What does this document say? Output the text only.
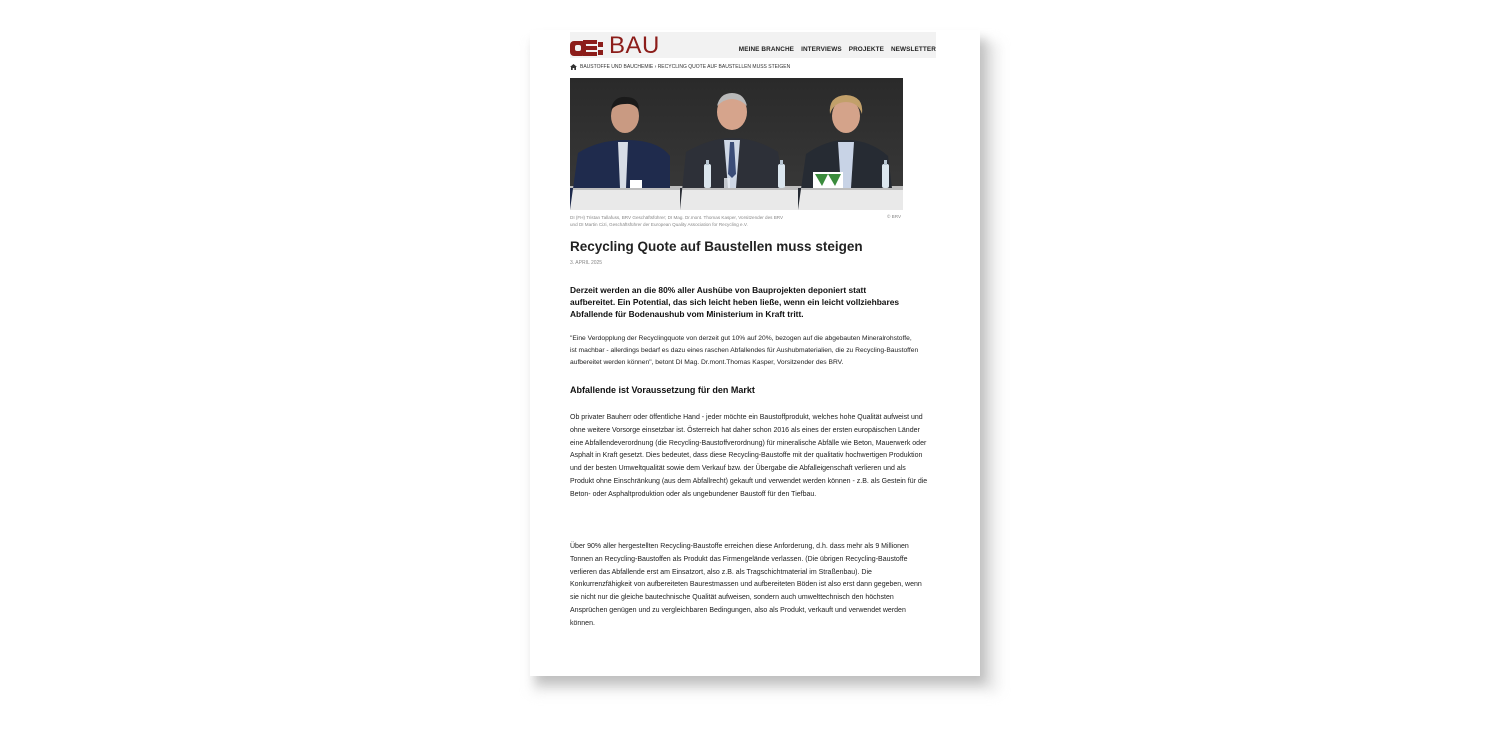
BAU	MEINE BRANCHE INTERVIEWS PROJEKTE NEWSLETTER
BAUSTOFFE UND BAUCHEMIE › RECYCLING QUOTE AUF BAUSTELLEN MUSS STEIGEN
DI (FH) Tristan Tallafuss, BRV Geschäftsführer; DI Mag. Dr.mont. Thomas Kasper, Vorsitzender des BRV
und DI Martin Cizi, Geschäftsführer der European Quality Association for Recycling e.V.
© BRV
Recycling Quote auf Baustellen muss steigen
3. APRIL 2025

Derzeit werden an die 80% aller Aushübe von Bauprojekten deponiert statt aufbereitet. Ein Potential, das sich leicht heben ließe, wenn ein leicht vollziehbares Abfallende für Bodenaushub vom Ministerium in Kraft tritt.

"Eine Verdopplung der Recyclingquote von derzeit gut 10% auf 20%, bezogen auf die abgebauten Mineralrohstoffe, ist machbar - allerdings bedarf es dazu eines raschen Abfallendes für Aushubmaterialien, die zu Recycling-Baustoffen aufbereitet werden können", betont DI Mag. Dr.mont.Thomas Kasper, Vorsitzender des BRV.

Abfallende ist Voraussetzung für den Markt

Ob privater Bauherr oder öffentliche Hand - jeder möchte ein Baustoffprodukt, welches hohe Qualität aufweist und ohne weitere Vorsorge einsetzbar ist. Österreich hat daher schon 2016 als eines der ersten europäischen Länder eine Abfallendeverordnung (die Recycling-Baustoffverordnung) für mineralische Abfälle wie Beton, Mauerwerk oder Asphalt in Kraft gesetzt. Dies bedeutet, dass diese Recycling-Baustoffe mit der qualitativ hochwertigen Produktion und der besten Umweltqualität sowie dem Verkauf bzw. der Übergabe die Abfalleigenschaft verlieren und als Produkt ohne Einschränkung (aus dem Abfallrecht) gekauft und verwendet werden können - z.B. als Gestein für die Beton- oder Asphaltproduktion oder als ungebundener Baustoff für den Tiefbau.

Über 90% aller hergestellten Recycling-Baustoffe erreichen diese Anforderung, d.h. dass mehr als 9 Millionen Tonnen an Recycling-Baustoffen als Produkt das Firmengelände verlassen. (Die übrigen Recycling-Baustoffe verlieren das Abfallende erst am Einsatzort, also z.B. als Tragschichtmaterial im Straßenbau). Die Konkurrenzfähigkeit von aufbereiteten Baurestmassen und aufbereiteten Böden ist also erst dann gegeben, wenn sie nicht nur die gleiche bautechnische Qualität aufweisen, sondern auch umwelttechnisch den höchsten Ansprüchen genügen und zu vergleichbaren Bedingungen, also als Produkt, verkauft und verwendet werden können.
